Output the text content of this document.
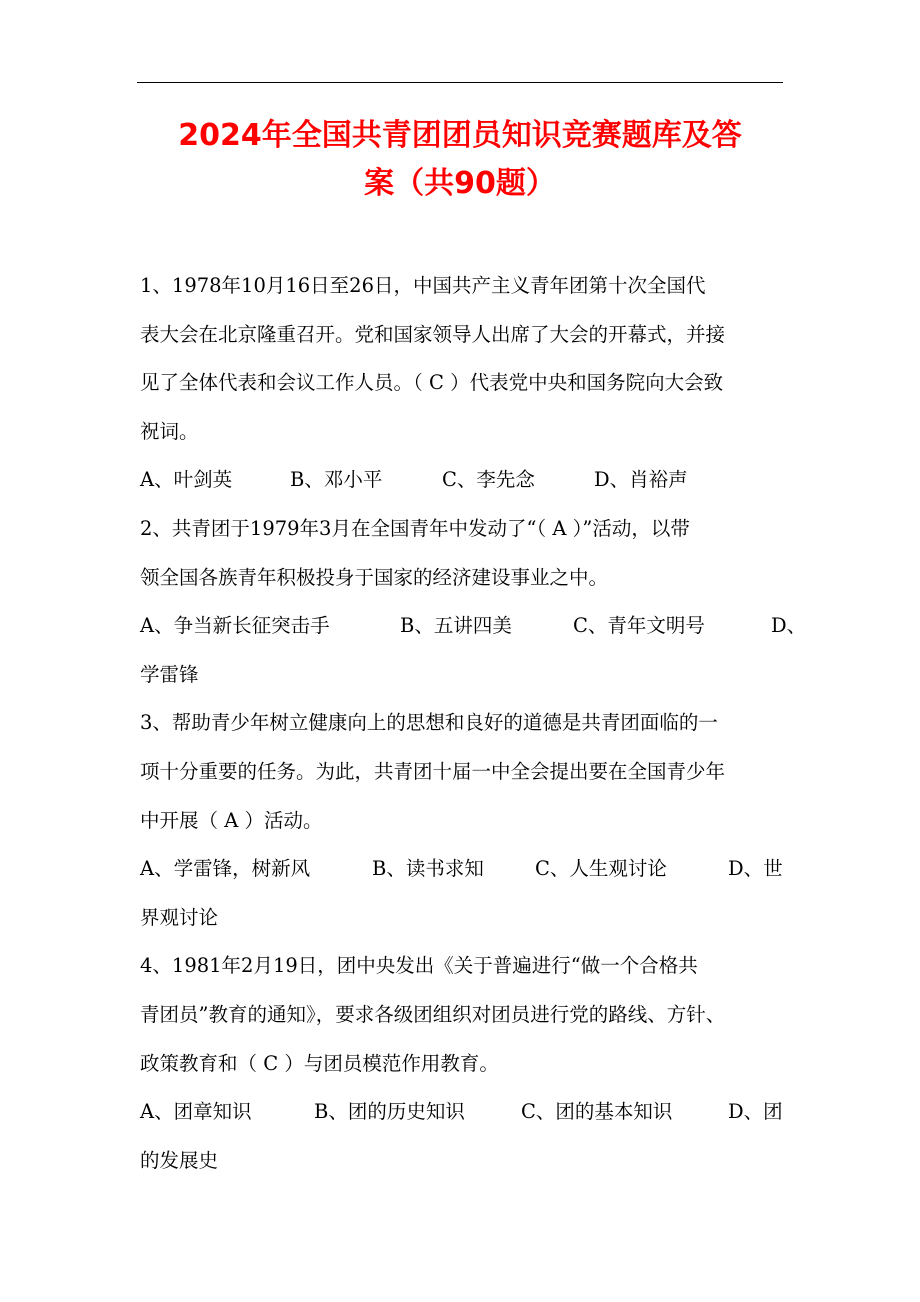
2024年全国共青团团员知识竞赛题库及答
案（共90题）
1、1978年10月16日至26日，中国共产主义青年团第十次全国代
表大会在北京隆重召开。党和国家领导人出席了大会的开幕式，并接
见了全体代表和会议工作人员。（ C ）代表党中央和国务院向大会致
祝词。
A、叶剑英	B、邓小平	C、李先念	D、肖裕声
2、共青团于1979年3月在全国青年中发动了“（ A ）”活动，以带
领全国各族青年积极投身于国家的经济建设事业之中。
A、争当新长征突击手	B、五讲四美	C、青年文明号	D、
学雷锋
3、帮助青少年树立健康向上的思想和良好的道德是共青团面临的一
项十分重要的任务。为此，共青团十届一中全会提出要在全国青少年
中开展（ A ）活动。
A、学雷锋，树新风	B、读书求知	C、人生观讨论	D、世
界观讨论
4、1981年2月19日，团中央发出《关于普遍进行“做一个合格共
青团员”教育的通知》，要求各级团组织对团员进行党的路线、方针、
政策教育和（ C ）与团员模范作用教育。
A、团章知识	B、团的历史知识	C、团的基本知识	D、团
的发展史
